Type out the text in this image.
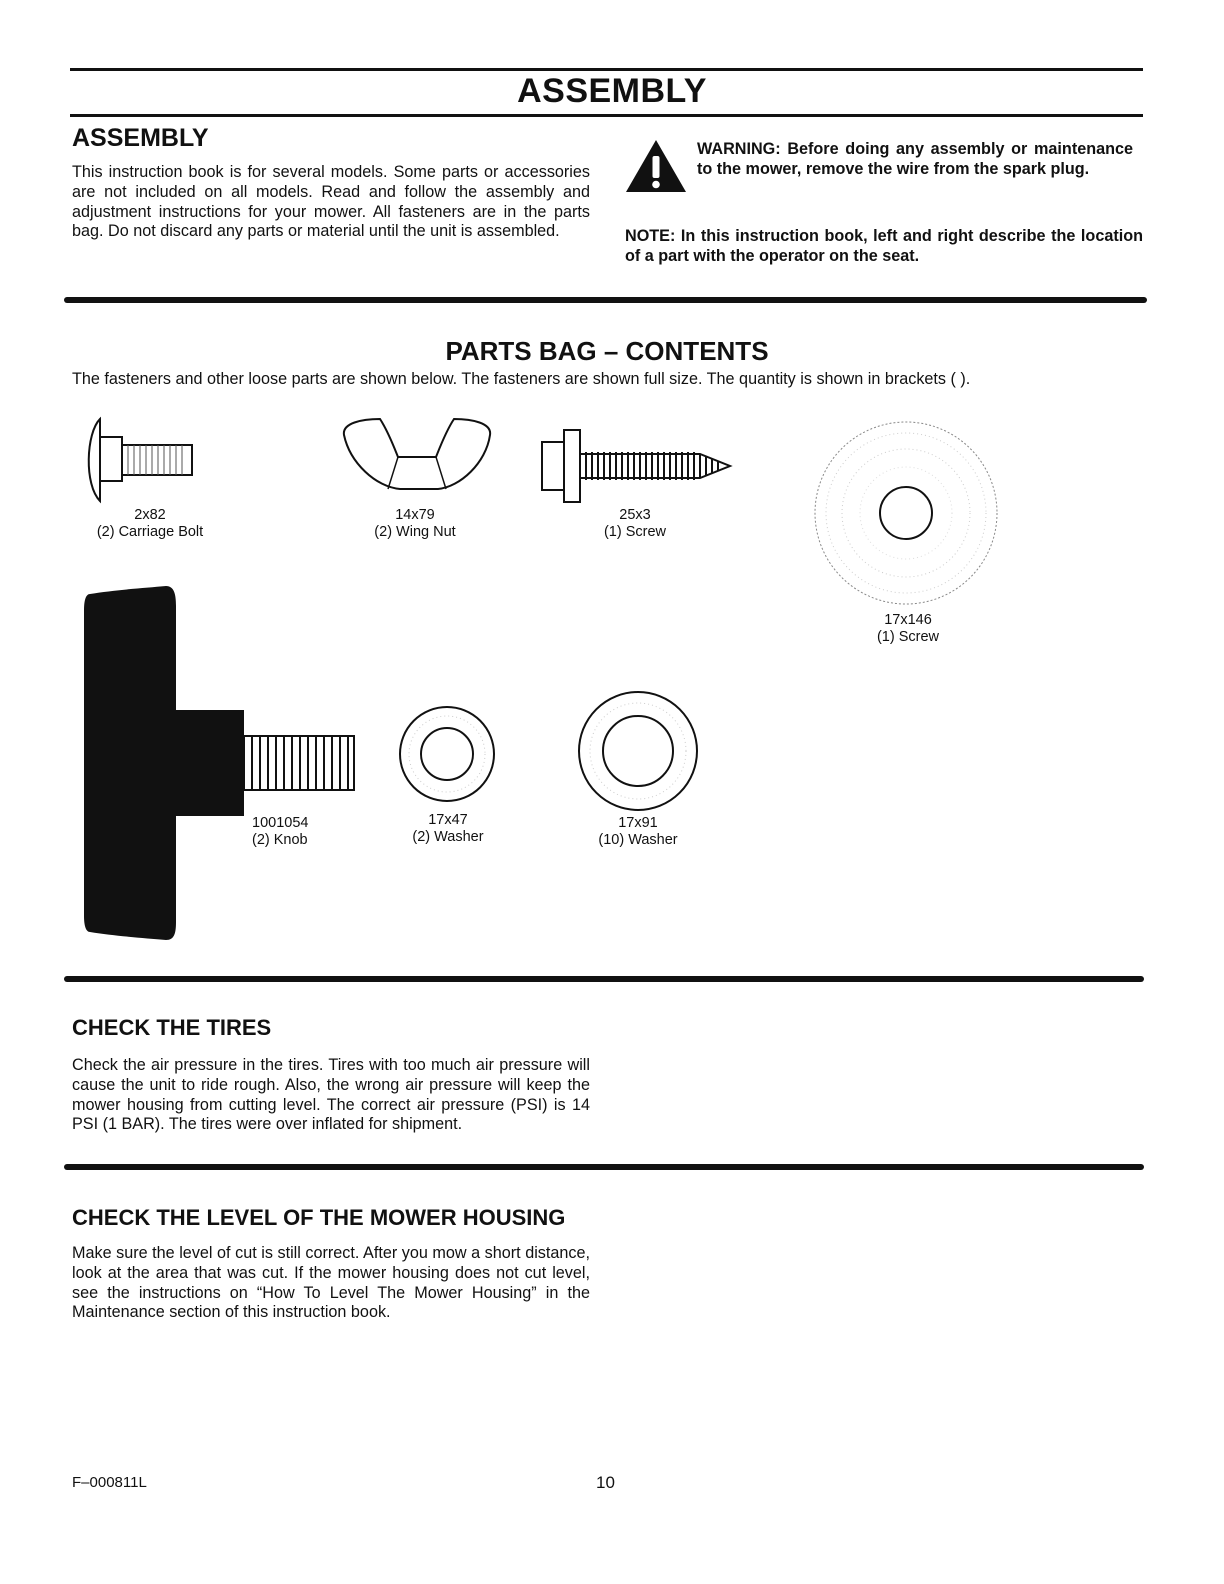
ASSEMBLY
ASSEMBLY
This instruction book is for several models. Some parts or accessories are not included on all models. Read and follow the assembly and adjustment instructions for your mower. All fasteners are in the parts bag. Do not discard any parts or material until the unit is assembled.
WARNING: Before doing any assembly or maintenance to the mower, remove the wire from the spark plug.
NOTE: In this instruction book, left and right describe the location of a part with the operator on the seat.
PARTS BAG – CONTENTS
The fasteners and other loose parts are shown below. The fasteners are shown full size. The quantity is shown in brackets ( ).
2x82
(2) Carriage Bolt
14x79
(2) Wing Nut
25x3
(1) Screw
17x146
(1) Screw
1001054
(2) Knob
17x47
(2) Washer
17x91
(10) Washer
CHECK THE TIRES
Check the air pressure in the tires. Tires with too much air pressure will cause the unit to ride rough. Also, the wrong air pressure will keep the mower housing from cutting level. The correct air pressure (PSI) is 14 PSI (1 BAR). The tires were over inflated for shipment.
CHECK THE LEVEL OF THE MOWER HOUSING
Make sure the level of cut is still correct. After you mow a short distance, look at the area that was cut. If the mower housing does not cut level, see the instructions on “How To Level The Mower Housing” in the Maintenance section of this instruction book.
F–000811L	10
